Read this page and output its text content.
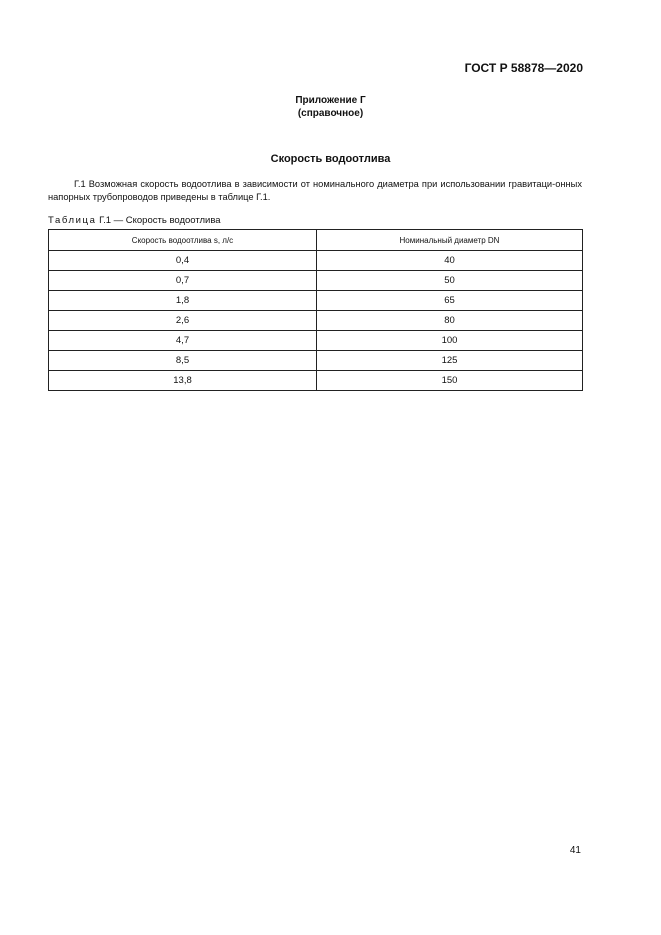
ГОСТ Р 58878—2020
Приложение Г
(справочное)
Скорость водоотлива
Г.1 Возможная скорость водоотлива в зависимости от номинального диаметра при использовании гравитаци-онных напорных трубопроводов приведены в таблице Г.1.
Таблица Г.1 — Скорость водоотлива
Скорость водоотлива s, л/с	Номинальный диаметр DN
0,4	40
0,7	50
1,8	65
2,6	80
4,7	100
8,5	125
13,8	150
41
